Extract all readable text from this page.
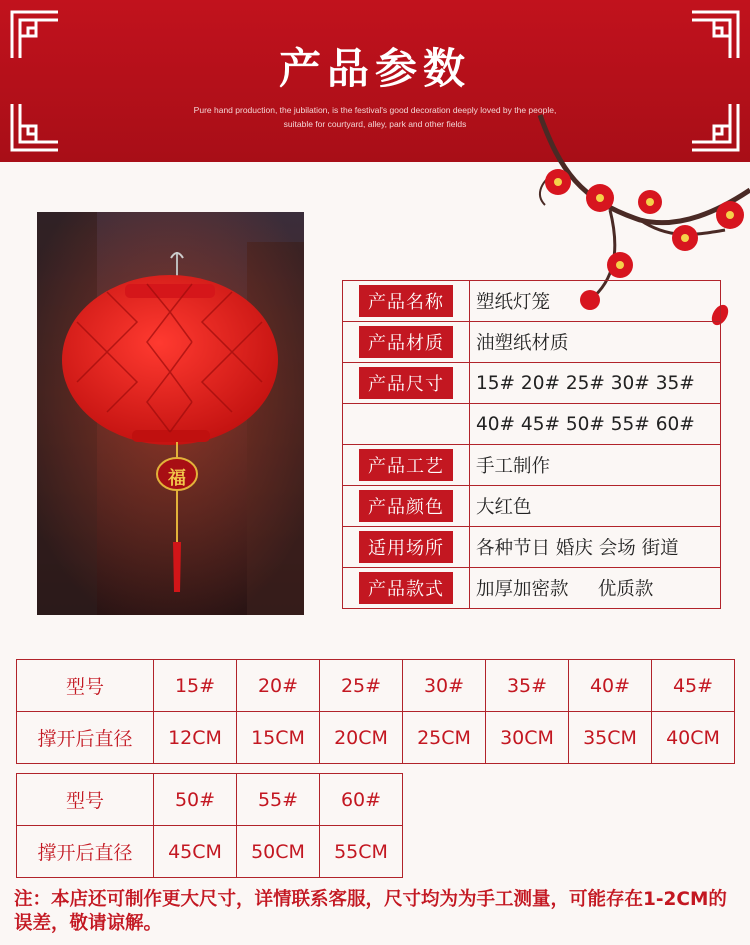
产品参数
Pure hand production, the jubilation, is the festival's good decoration deeply loved by the people,
suitable for courtyard, alley, park and other fields
福
产品名称	塑纸灯笼
产品材质	油塑纸材质
产品尺寸	15# 20# 25# 30# 35#
	40# 45# 50# 55# 60#
产品工艺	手工制作
产品颜色	大红色
适用场所	各种节日 婚庆 会场 街道
产品款式	加厚加密款     优质款
型号	15#	20#	25#	30#	35#	40#	45#
撑开后直径	12CM	15CM	20CM	25CM	30CM	35CM	40CM
型号	50#	55#	60#
撑开后直径	45CM	50CM	55CM
注：本店还可制作更大尺寸，详情联系客服，尺寸均为为手工测量，可能存在1-2CM的误差，敬请谅解。
